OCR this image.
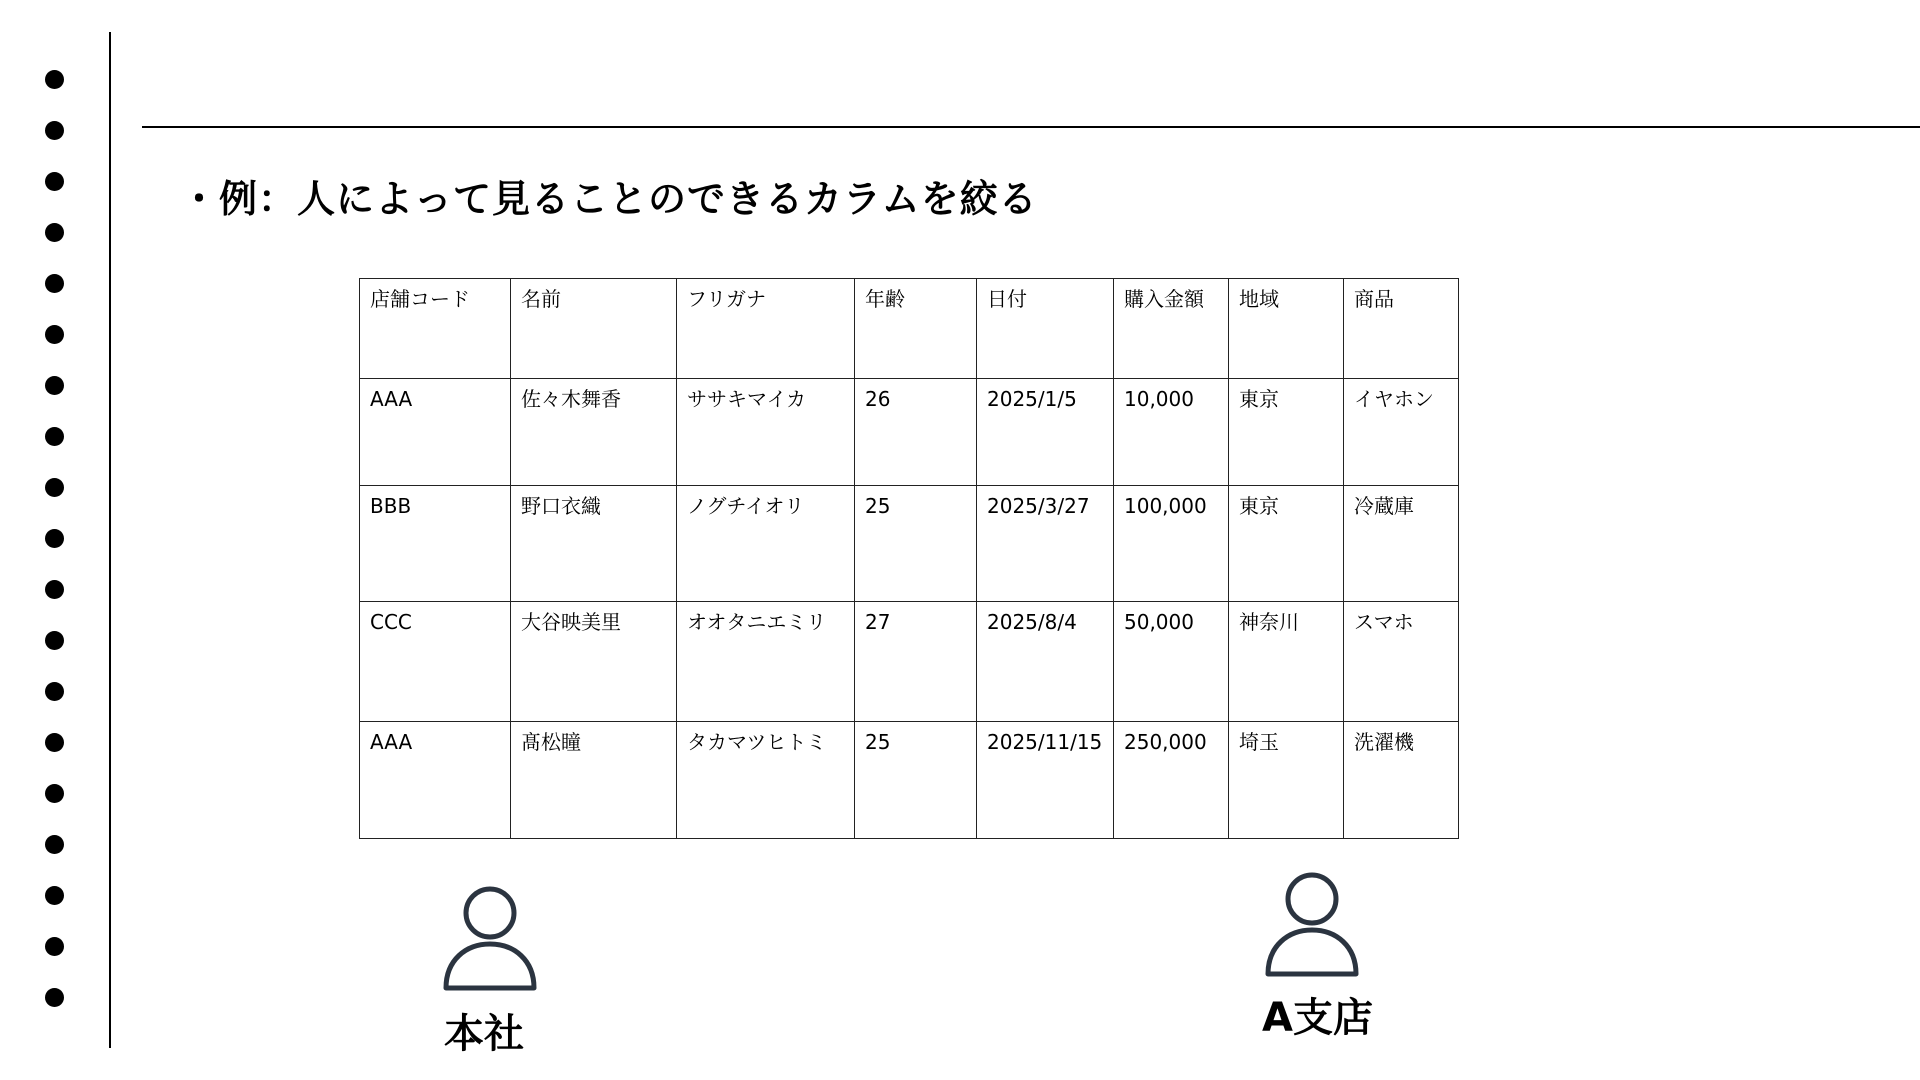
・例：人によって見ることのできるカラムを絞る
店舗コード	名前	フリガナ	年齢	日付	購入金額	地域	商品
AAA	佐々木舞香	ササキマイカ	26	2025/1/5	10,000	東京	イヤホン
BBB	野口衣織	ノグチイオリ	25	2025/3/27	100,000	東京	冷蔵庫
CCC	大谷映美里	オオタニエミリ	27	2025/8/4	50,000	神奈川	スマホ
AAA	髙松瞳	タカマツヒトミ	25	2025/11/15	250,000	埼玉	洗濯機
本社	A支店
